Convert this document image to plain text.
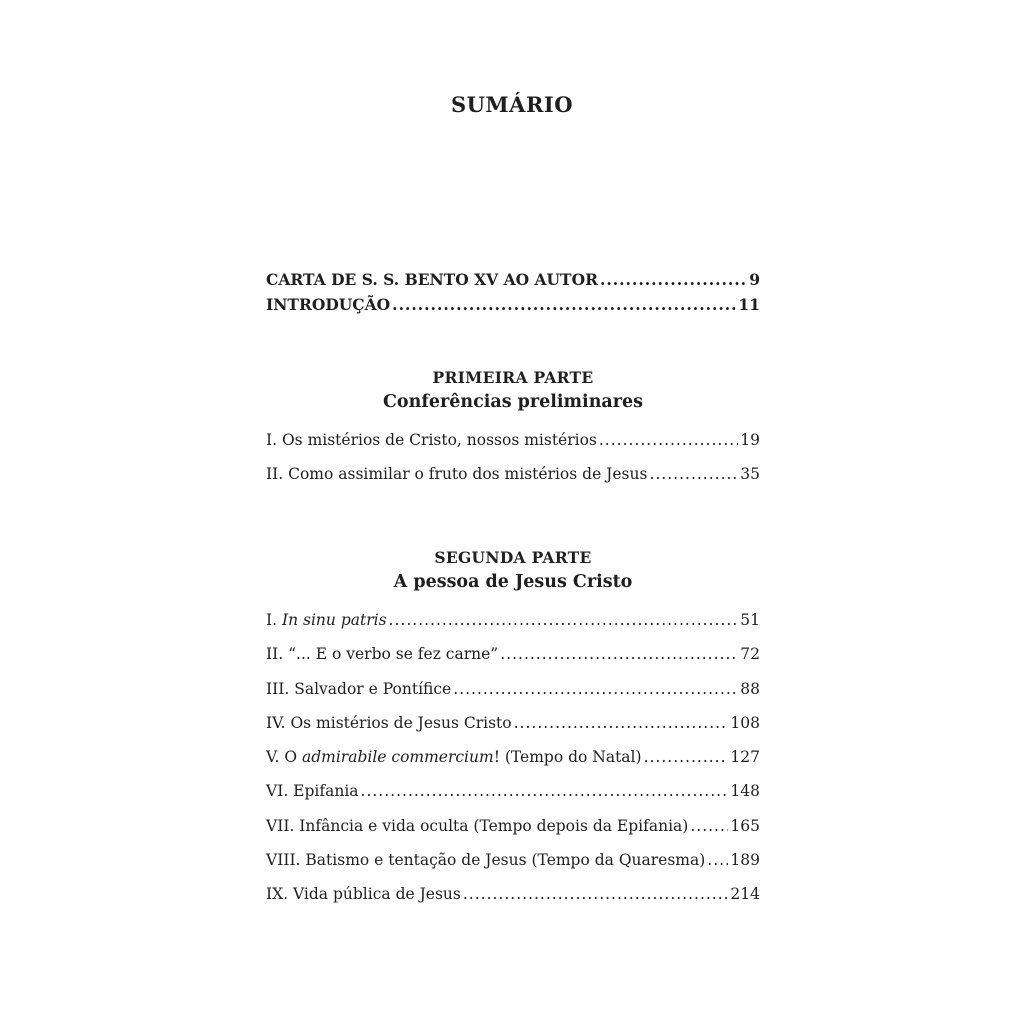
SUMÁRIO
CARTA DE S. S. BENTO XV AO AUTOR .....	9
INTRODUÇÃO .....	11
PRIMEIRA PARTE
Conferências preliminares
I. Os mistérios de Cristo, nossos mistérios .....	19
II. Como assimilar o fruto dos mistérios de Jesus .....	35
SEGUNDA PARTE
A pessoa de Jesus Cristo
I. In sinu patris .....	51
II. “... E o verbo se fez carne” .....	72
III. Salvador e Pontífice .....	88
IV. Os mistérios de Jesus Cristo .....	108
V. O admirabile commercium! (Tempo do Natal) .....	127
VI. Epifania .....	148
VII. Infância e vida oculta (Tempo depois da Epifania) .....	165
VIII. Batismo e tentação de Jesus (Tempo da Quaresma) ..... 189
IX. Vida pública de Jesus .....	214
